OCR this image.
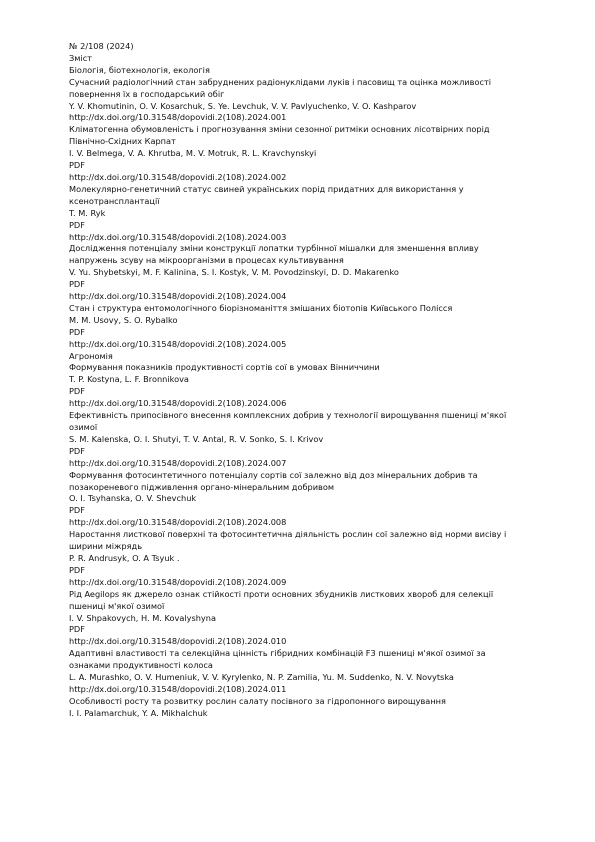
№ 2/108 (2024)
Зміст
Біологія, біотехнологія, екологія
Сучасний радіологічний стан забруднених радіонуклідами луків і пасовищ та оцінка можливості
повернення їх в господарський обіг
Y. V. Khomutinin, O. V. Kosarchuk, S. Ye. Levchuk, V. V. Pavlyuchenko, V. O. Kashparov
http://dx.doi.org/10.31548/dopovidi.2(108).2024.001
Кліматогенна обумовленість і прогнозування зміни сезонної ритміки основних лісотвірних порід
Північно-Східних Карпат
I. V. Belmega, V. A. Khrutba, M. V. Motruk, R. L. Kravchynskyi
PDF
http://dx.doi.org/10.31548/dopovidi.2(108).2024.002
Молекулярно-генетичний статус свиней українських порід придатних для використання у
ксенотрансплантації
T. M. Ryk
PDF
http://dx.doi.org/10.31548/dopovidi.2(108).2024.003
Дослідження потенціалу зміни конструкції лопатки турбінної мішалки для зменшення впливу
напружень зсуву на мікроорганізми в процесах культивування
V. Yu. Shybetskyi, M. F. Kalinina, S. I. Kostyk, V. M. Povodzinskyi, D. D. Makarenko
PDF
http://dx.doi.org/10.31548/dopovidi.2(108).2024.004
Стан і структура ентомологічного біорізноманіття змішаних біотопів Київського Полісся
M. M. Usovy, S. O. Rybalko
PDF
http://dx.doi.org/10.31548/dopovidi.2(108).2024.005
Агрономія
Формування показників продуктивності сортів сої в умовах Вінниччини
T. P. Kostyna, L. F. Bronnikova
PDF
http://dx.doi.org/10.31548/dopovidi.2(108).2024.006
Ефективність припосівного внесення комплексних добрив у технології вирощування пшениці м'якої
озимої
S. M. Kalenska, O. I. Shutyi, T. V. Antal, R. V. Sonko, S. I. Krivov
PDF
http://dx.doi.org/10.31548/dopovidi.2(108).2024.007
Формування фотосинтетичного потенціалу сортів сої залежно від доз мінеральних добрив та
позакореневого підживлення органо-мінеральним добривом
O. I. Tsyhanska, O. V. Shevchuk
PDF
http://dx.doi.org/10.31548/dopovidi.2(108).2024.008
Наростання листкової поверхні та фотосинтетична діяльність рослин сої залежно від норми висіву і
ширини міжрядь
P. R. Andrusyk, O. A Tsyuk .
PDF
http://dx.doi.org/10.31548/dopovidi.2(108).2024.009
Рід Aegilops як джерело ознак стійкості проти основних збудників листкових хвороб для селекції
пшениці м'якої озимої
I. V. Shpakovych, H. M. Kovalyshyna
PDF
http://dx.doi.org/10.31548/dopovidi.2(108).2024.010
Адаптивні властивості та селекційна цінність гібридних комбінацій F3 пшениці м'якої озимої за
ознаками продуктивності колоса
L. A. Murashko, O. V. Humeniuk, V. V. Kyrylenko, N. P. Zamilia, Yu. M. Suddenko, N. V. Novytska
http://dx.doi.org/10.31548/dopovidi.2(108).2024.011
Особливості росту та розвитку рослин салату посівного за гідропонного вирощування
I. I. Palamarchuk, Y. A. Mikhalchuk
